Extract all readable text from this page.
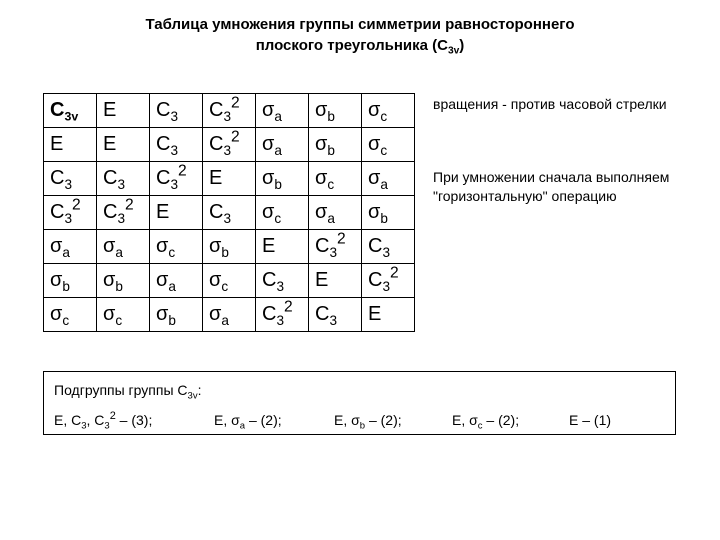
Таблица умножения группы симметрии равностороннего
плоского треугольника $(C_{3v})$
$C_{3v}$	E	$C_3$	$C_3^2$	$\sigma_a$	$\sigma_b$	$\sigma_c$
E	E	$C_3$	$C_3^2$	$\sigma_a$	$\sigma_b$	$\sigma_c$
$C_3$	$C_3$	$C_3^2$	E	$\sigma_b$	$\sigma_c$	$\sigma_a$
$C_3^2$	$C_3^2$	E	$C_3$	$\sigma_c$	$\sigma_a$	$\sigma_b$
$\sigma_a$	$\sigma_a$	$\sigma_c$	$\sigma_b$	E	$C_3^2$	$C_3$
$\sigma_b$	$\sigma_b$	$\sigma_a$	$\sigma_c$	$C_3$	E	$C_3^2$
$\sigma_c$	$\sigma_c$	$\sigma_b$	$\sigma_a$	$C_3^2$	$C_3$	E
вращения - против часовой стрелки
При умножении сначала выполняем "горизонтальную" операцию
Подгруппы группы $C_{3v}$:
E, $C_3$, $C_3^2 - (3)$;	E, $\sigma_a - (2)$;	E, $\sigma_b - (2)$;	E, $\sigma_c - (2)$;	E – (1)
